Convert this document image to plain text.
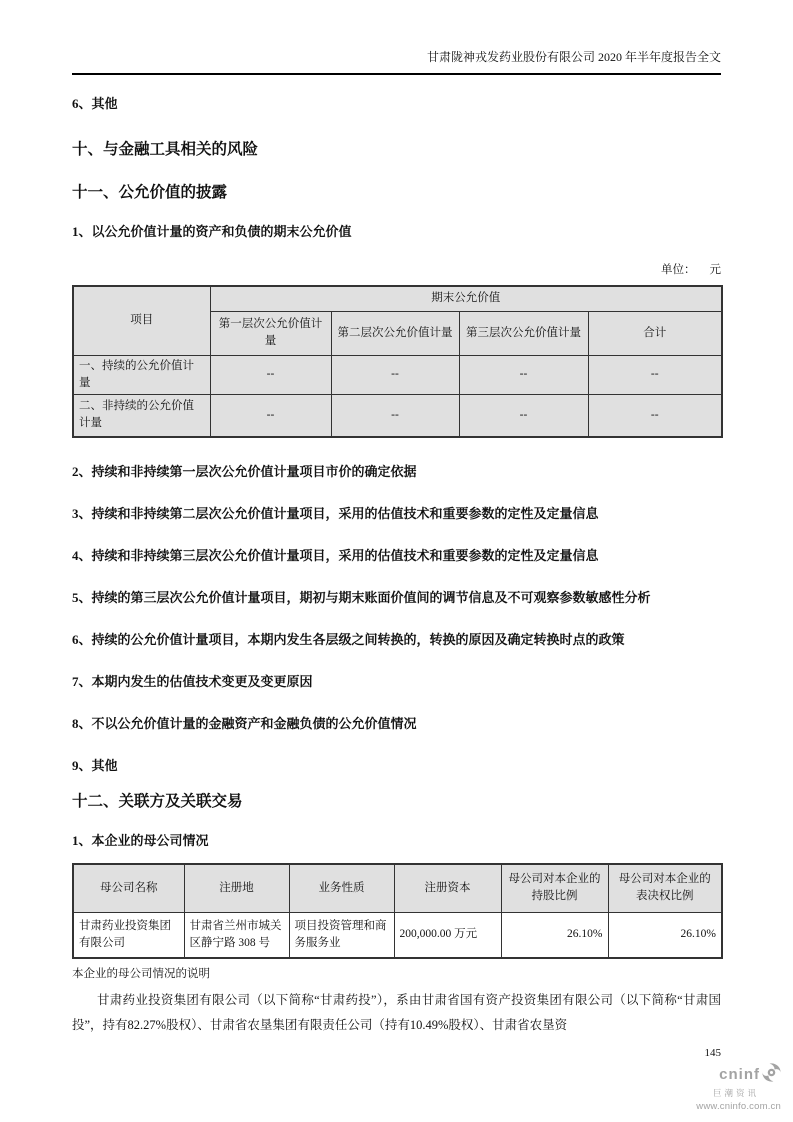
甘肃陇神戎发药业股份有限公司 2020 年半年度报告全文
6、其他
十、与金融工具相关的风险
十一、公允价值的披露
1、以公允价值计量的资产和负债的期末公允价值
单位： 元
项目	期末公允价值			
	第一层次公允价值计量	第二层次公允价值计量	第三层次公允价值计量	合计
一、持续的公允价值计量	--	--	--	--
二、非持续的公允价值计量	--	--	--	--
2、持续和非持续第一层次公允价值计量项目市价的确定依据
3、持续和非持续第二层次公允价值计量项目，采用的估值技术和重要参数的定性及定量信息
4、持续和非持续第三层次公允价值计量项目，采用的估值技术和重要参数的定性及定量信息
5、持续的第三层次公允价值计量项目，期初与期末账面价值间的调节信息及不可观察参数敏感性分析
6、持续的公允价值计量项目，本期内发生各层级之间转换的，转换的原因及确定转换时点的政策
7、本期内发生的估值技术变更及变更原因
8、不以公允价值计量的金融资产和金融负债的公允价值情况
9、其他
十二、关联方及关联交易
1、本企业的母公司情况
母公司名称	注册地	业务性质	注册资本	母公司对本企业的持股比例	母公司对本企业的表决权比例
甘肃药业投资集团有限公司	甘肃省兰州市城关区静宁路 308 号	项目投资管理和商务服务业	200,000.00 万元	26.10%	26.10%
本企业的母公司情况的说明

甘肃药业投资集团有限公司（以下简称“甘肃药投”），系由甘肃省国有资产投资集团有限公司（以下简称“甘肃国投”，持有82.27%股权）、甘肃省农垦集团有限责任公司（持有10.49%股权）、甘肃省农垦资

145
cninf
巨潮资讯
www.cninfo.com.cn
